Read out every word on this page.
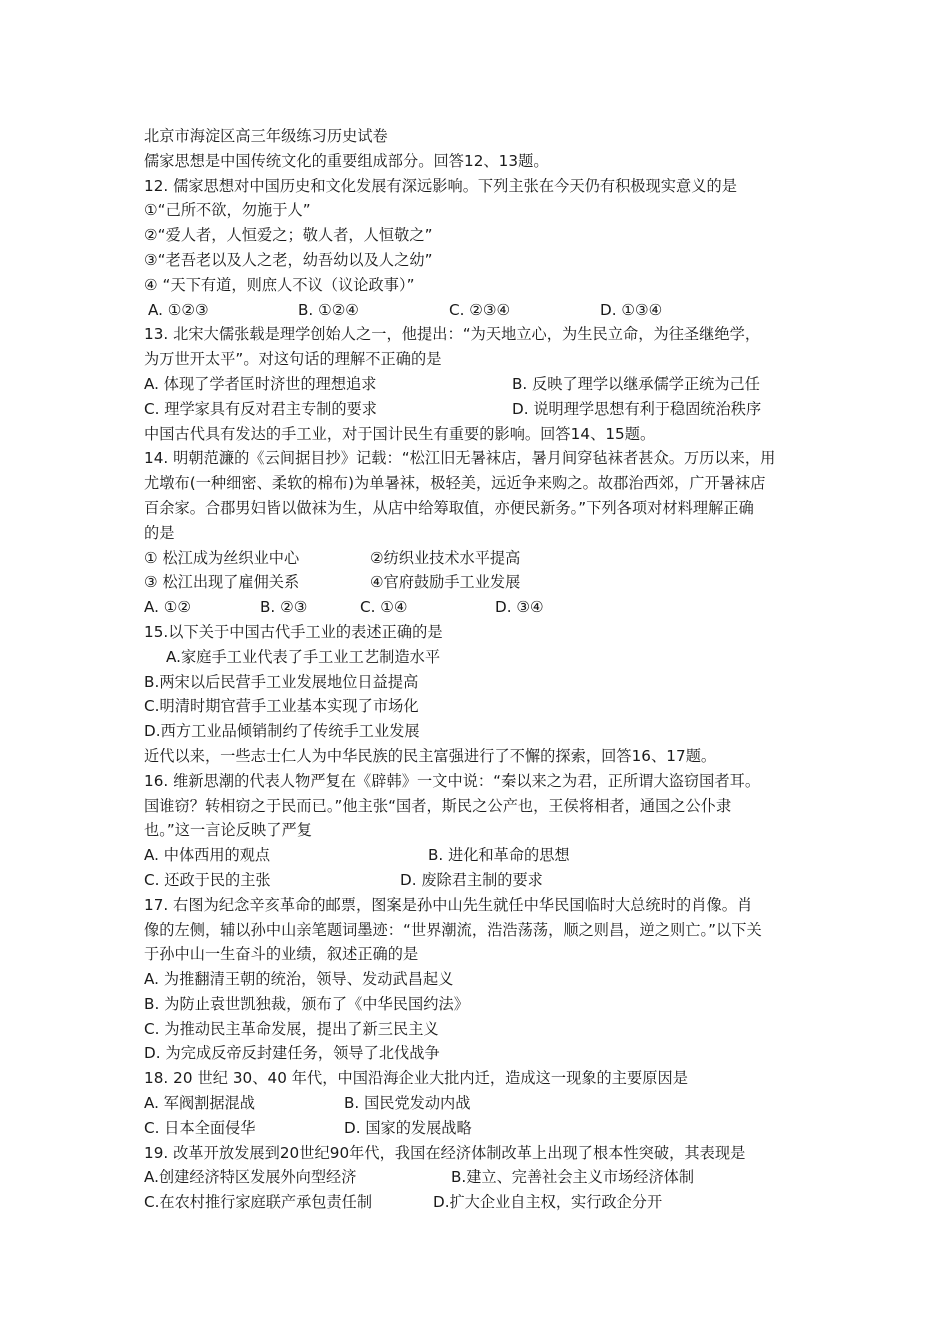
北京市海淀区高三年级练习历史试卷
儒家思想是中国传统文化的重要组成部分。回答12、13题。
12. 儒家思想对中国历史和文化发展有深远影响。下列主张在今天仍有积极现实意义的是
①“己所不欲，勿施于人”
②“爱人者，人恒爱之；敬人者，人恒敬之”
③“老吾老以及人之老，幼吾幼以及人之幼”
④ “天下有道，则庶人不议（议论政事）”
A. ①②③	B. ①②④	C. ②③④	D. ①③④
13. 北宋大儒张载是理学创始人之一，他提出：“为天地立心，为生民立命，为往圣继绝学，
为万世开太平”。对这句话的理解不正确的是
A. 体现了学者匡时济世的理想追求	B. 反映了理学以继承儒学正统为己任
C. 理学家具有反对君主专制的要求	D. 说明理学思想有利于稳固统治秩序
中国古代具有发达的手工业，对于国计民生有重要的影响。回答14、15题。
14. 明朝范濂的《云间据目抄》记载：“松江旧无暑袜店，暑月间穿毡袜者甚众。万历以来，用
尤墩布(一种细密、柔软的棉布)为单暑袜，极轻美，远近争来购之。故郡治西郊，广开暑袜店
百余家。合郡男妇皆以做袜为生，从店中给筹取值，亦便民新务。”下列各项对材料理解正确
的是
① 松江成为丝织业中心	②纺织业技术水平提高
③ 松江出现了雇佣关系	④官府鼓励手工业发展
A. ①②	B. ②③	C. ①④	D. ③④
15.以下关于中国古代手工业的表述正确的是
A.家庭手工业代表了手工业工艺制造水平
B.两宋以后民营手工业发展地位日益提高
C.明清时期官营手工业基本实现了市场化
D.西方工业品倾销制约了传统手工业发展
近代以来，一些志士仁人为中华民族的民主富强进行了不懈的探索，回答16、17题。
16. 维新思潮的代表人物严复在《辟韩》一文中说：“秦以来之为君，正所谓大盗窃国者耳。
国谁窃？转相窃之于民而已。”他主张“国者，斯民之公产也，王侯将相者，通国之公仆隶
也。”这一言论反映了严复
A. 中体西用的观点	B. 进化和革命的思想
C. 还政于民的主张	D. 废除君主制的要求
17. 右图为纪念辛亥革命的邮票，图案是孙中山先生就任中华民国临时大总统时的肖像。肖
像的左侧，辅以孙中山亲笔题词墨迹：“世界潮流，浩浩荡荡，顺之则昌，逆之则亡。”以下关
于孙中山一生奋斗的业绩，叙述正确的是
A. 为推翻清王朝的统治，领导、发动武昌起义
B. 为防止袁世凯独裁，颁布了《中华民国约法》
C. 为推动民主革命发展，提出了新三民主义
D. 为完成反帝反封建任务，领导了北伐战争
18. 20 世纪 30、40 年代，中国沿海企业大批内迁，造成这一现象的主要原因是
A. 军阀割据混战	B. 国民党发动内战
C. 日本全面侵华	D. 国家的发展战略
19. 改革开放发展到20世纪90年代，我国在经济体制改革上出现了根本性突破，其表现是
A.创建经济特区发展外向型经济	B.建立、完善社会主义市场经济体制
C.在农村推行家庭联产承包责任制	D.扩大企业自主权，实行政企分开
